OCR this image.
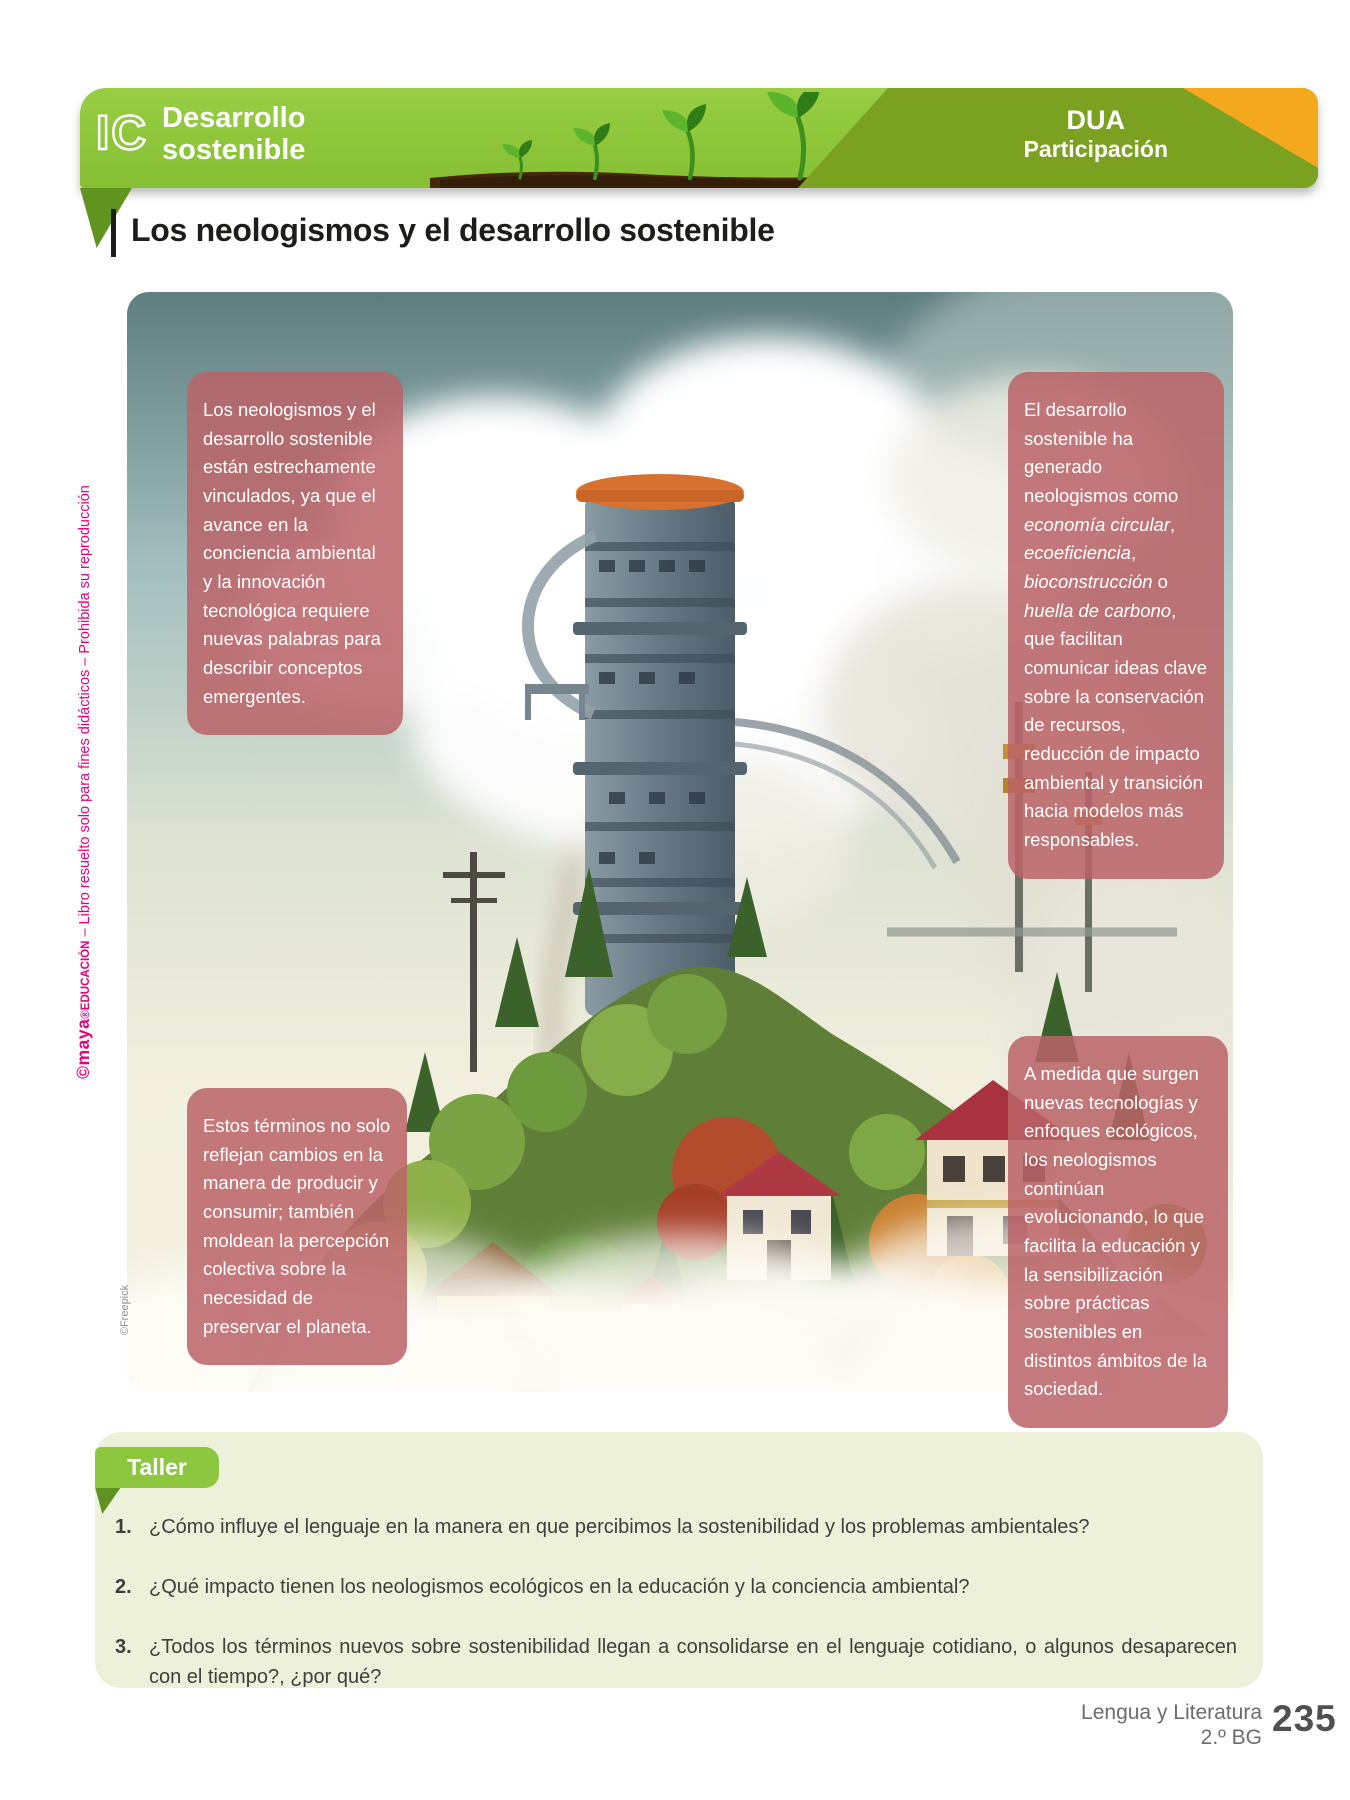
IC Desarrollo
sostenible
DUA
Participación
Los neologismos y el desarrollo sostenible
©maya®EDUCACIÓN – Libro resuelto solo para fines didácticos – Prohibida su reproducción
Los neologismos y el desarrollo sostenible están estrechamente vinculados, ya que el avance en la conciencia ambiental y la innovación tecnológica requiere nuevas palabras para describir conceptos emergentes.
El desarrollo sostenible ha generado neologismos como economía circular, ecoeficiencia, bioconstrucción o huella de carbono, que facilitan comunicar ideas clave sobre la conservación de recursos, reducción de impacto ambiental y transición hacia modelos más responsables.
Estos términos no solo reflejan cambios en la manera de producir y consumir; también moldean la percepción colectiva sobre la necesidad de preservar el planeta.
A medida que surgen nuevas tecnologías y enfoques ecológicos, los neologismos continúan evolucionando, lo que facilita la educación y la sensibilización sobre prácticas sostenibles en distintos ámbitos de la sociedad.
©Freepick
Taller
1. ¿Cómo influye el lenguaje en la manera en que percibimos la sostenibilidad y los problemas ambientales?
2. ¿Qué impacto tienen los neologismos ecológicos en la educación y la conciencia ambiental?
3. ¿Todos los términos nuevos sobre sostenibilidad llegan a consolidarse en el lenguaje cotidiano, o algunos desaparecen con el tiempo?, ¿por qué?
Lengua y Literatura
2.º BG 235
